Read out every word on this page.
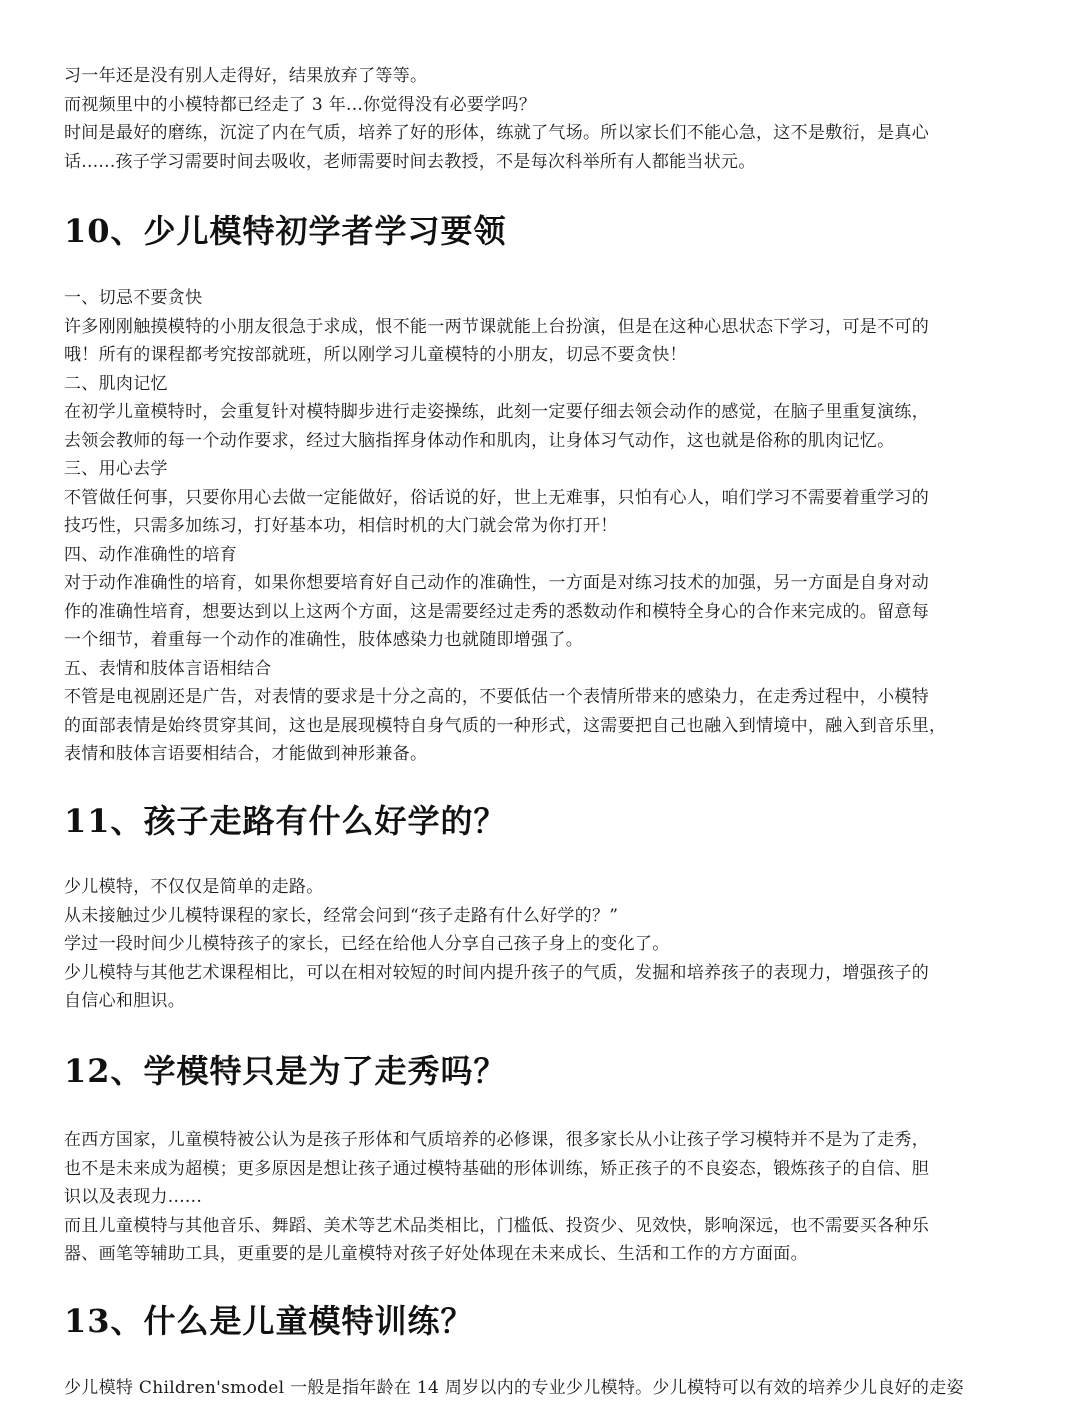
习一年还是没有别人走得好，结果放弃了等等。
而视频里中的小模特都已经走了 3 年...你觉得没有必要学吗？
时间是最好的磨练，沉淀了内在气质，培养了好的形体，练就了气场。所以家长们不能心急，这不是敷衍，是真心
话......孩子学习需要时间去吸收，老师需要时间去教授，不是每次科举所有人都能当状元。
10、少儿模特初学者学习要领
一、切忌不要贪快
许多刚刚触摸模特的小朋友很急于求成，恨不能一两节课就能上台扮演，但是在这种心思状态下学习，可是不可的
哦！所有的课程都考究按部就班，所以刚学习儿童模特的小朋友，切忌不要贪快！
二、肌肉记忆
在初学儿童模特时，会重复针对模特脚步进行走姿操练，此刻一定要仔细去领会动作的感觉，在脑子里重复演练，
去领会教师的每一个动作要求，经过大脑指挥身体动作和肌肉，让身体习气动作，这也就是俗称的肌肉记忆。
三、用心去学
不管做任何事，只要你用心去做一定能做好，俗话说的好，世上无难事，只怕有心人，咱们学习不需要着重学习的
技巧性，只需多加练习，打好基本功，相信时机的大门就会常为你打开！
四、动作准确性的培育
对于动作准确性的培育，如果你想要培育好自己动作的准确性，一方面是对练习技术的加强，另一方面是自身对动
作的准确性培育，想要达到以上这两个方面，这是需要经过走秀的悉数动作和模特全身心的合作来完成的。留意每
一个细节，着重每一个动作的准确性，肢体感染力也就随即增强了。
五、表情和肢体言语相结合
不管是电视剧还是广告，对表情的要求是十分之高的，不要低估一个表情所带来的感染力，在走秀过程中，小模特
的面部表情是始终贯穿其间，这也是展现模特自身气质的一种形式，这需要把自己也融入到情境中，融入到音乐里，
表情和肢体言语要相结合，才能做到神形兼备。
11、孩子走路有什么好学的？
少儿模特，不仅仅是简单的走路。
从未接触过少儿模特课程的家长，经常会问到“孩子走路有什么好学的？”
学过一段时间少儿模特孩子的家长，已经在给他人分享自己孩子身上的变化了。
少儿模特与其他艺术课程相比，可以在相对较短的时间内提升孩子的气质，发掘和培养孩子的表现力，增强孩子的
自信心和胆识。
12、学模特只是为了走秀吗？
在西方国家，儿童模特被公认为是孩子形体和气质培养的必修课，很多家长从小让孩子学习模特并不是为了走秀，
也不是未来成为超模；更多原因是想让孩子通过模特基础的形体训练，矫正孩子的不良姿态，锻炼孩子的自信、胆
识以及表现力......
而且儿童模特与其他音乐、舞蹈、美术等艺术品类相比，门槛低、投资少、见效快，影响深远，也不需要买各种乐
器、画笔等辅助工具，更重要的是儿童模特对孩子好处体现在未来成长、生活和工作的方方面面。
13、什么是儿童模特训练？
少儿模特 Children'smodel 一般是指年龄在 14 周岁以内的专业少儿模特。少儿模特可以有效的培养少儿良好的走姿
